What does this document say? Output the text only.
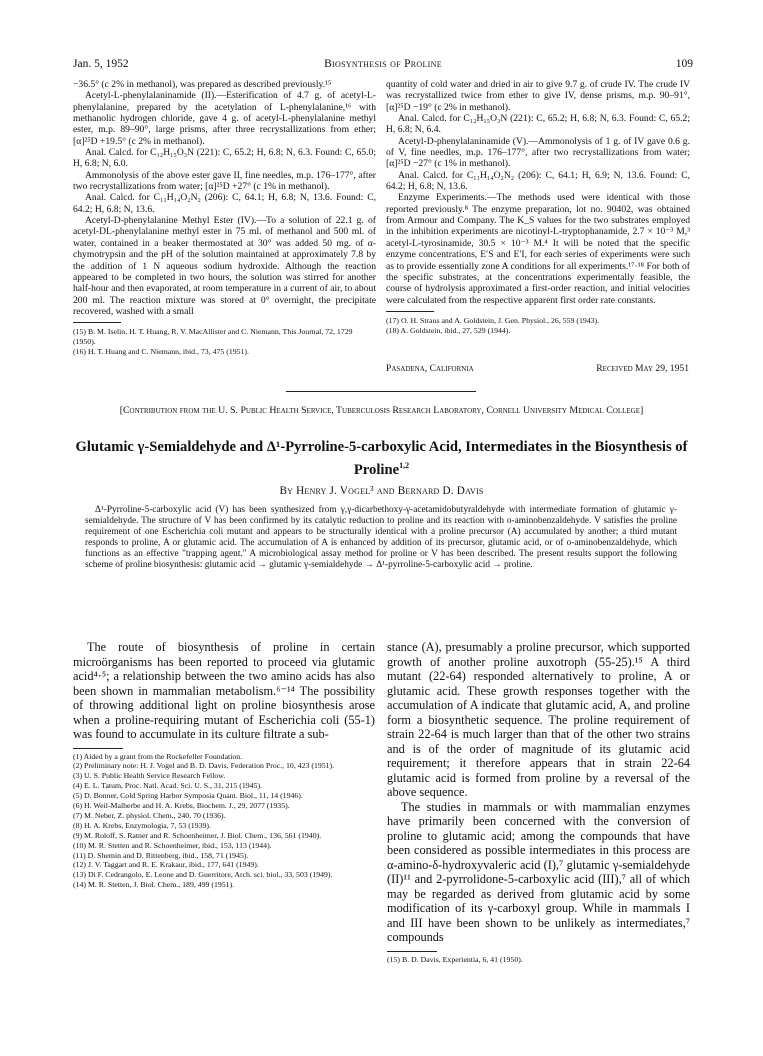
Jan. 5, 1952	Biosynthesis of Proline	109

−36.5° (c 2% in methanol), was prepared as described previously.¹⁵

Acetyl-L-phenylalaninamide (II).—Esterification of 4.7 g. of acetyl-L-phenylalanine, prepared by the acetylation of L-phenylalanine,¹⁶ with methanolic hydrogen chloride, gave 4 g. of acetyl-L-phenylalanine methyl ester, m.p. 89–90°, large prisms, after three recrystallizations from ether; [α]²⁵D +19.5° (c 2% in methanol).

Anal. Calcd. for C₁₂H₁₅O₃N (221): C, 65.2; H, 6.8; N, 6.3. Found: C, 65.0; H, 6.8; N, 6.0.

Ammonolysis of the above ester gave II, fine needles, m.p. 176–177°, after two recrystallizations from water; [α]²⁵D +27° (c 1% in methanol).

Anal. Calcd. for C₁₁H₁₄O₂N₂ (206): C, 64.1; H, 6.8; N, 13.6. Found: C, 64.2; H, 6.8; N, 13.6.

Acetyl-D-phenylalanine Methyl Ester (IV).—To a solution of 22.1 g. of acetyl-DL-phenylalanine methyl ester in 75 ml. of methanol and 500 ml. of water, contained in a beaker thermostated at 30° was added 50 mg. of α-chymotrypsin and the pH of the solution maintained at approximately 7.8 by the addition of 1 N aqueous sodium hydroxide. Although the reaction appeared to be completed in two hours, the solution was stirred for another half-hour and then evaporated, at room temperature in a current of air, to about 200 ml. The reaction mixture was stored at 0° overnight, the precipitate recovered, washed with a small

(15) B. M. Iselin, H. T. Huang, R. V. MacAllister and C. Niemann, This Journal, 72, 1729 (1950).

(16) H. T. Huang and C. Niemann, ibid., 73, 475 (1951).

quantity of cold water and dried in air to give 9.7 g. of crude IV. The crude IV was recrystallized twice from ether to give IV, dense prisms, m.p. 90–91°, [α]²⁵D −19° (c 2% in methanol).

Anal. Calcd. for C₁₂H₁₅O₃N (221): C, 65.2; H, 6.8; N, 6.3. Found: C, 65.2; H, 6.8; N, 6.4.

Acetyl-D-phenylalaninamide (V).—Ammonolysis of 1 g. of IV gave 0.6 g. of V, fine needles, m.p. 176–177°, after two recrystallizations from water; [α]²⁵D −27° (c 1% in methanol).

Anal. Calcd. for C₁₁H₁₄O₂N₂ (206): C, 64.1; H, 6.9; N, 13.6. Found: C, 64.2; H, 6.8; N, 13.6.

Enzyme Experiments.—The methods used were identical with those reported previously.⁸ The enzyme preparation, lot no. 90402, was obtained from Armour and Company. The K_S values for the two substrates employed in the inhibition experiments are nicotinyl-L-tryptophanamide, 2.7 × 10⁻³ M,³ acetyl-L-tyrosinamide, 30.5 × 10⁻³ M.⁴ It will be noted that the specific enzyme concentrations, E′S and E′I, for each series of experiments were such as to provide essentially zone A conditions for all experiments.¹⁷·¹⁸ For both of the specific substrates, at the concentrations experimentally feasible, the course of hydrolysis approximated a first-order reaction, and initial velocities were calculated from the respective apparent first order rate constants.

(17) O. H. Straus and A. Goldstein, J. Gen. Physiol., 26, 559 (1943).

(18) A. Goldstein, ibid., 27, 529 (1944).

Pasadena, California	Received May 29, 1951
[Contribution from the U. S. Public Health Service, Tuberculosis Research Laboratory, Cornell University Medical College]
Glutamic γ-Semialdehyde and Δ¹-Pyrroline-5-carboxylic Acid, Intermediates in the Biosynthesis of Proline$^{1,2}$
By Henry J. Vogel³ and Bernard D. Davis
Δ¹-Pyrroline-5-carboxylic acid (V) has been synthesized from γ,γ-dicarbethoxy-γ-acetamidobutyraldehyde with intermediate formation of glutamic γ-semialdehyde. The structure of V has been confirmed by its catalytic reduction to proline and its reaction with o-aminobenzaldehyde. V satisfies the proline requirement of one Escherichia coli mutant and appears to be structurally identical with a proline precursor (A) accumulated by another; a third mutant responds to proline, A or glutamic acid. The accumulation of A is enhanced by addition of its precursor, glutamic acid, or of o-aminobenzaldehyde, which functions as an effective "trapping agent." A microbiological assay method for proline or V has been described. The present results support the following scheme of proline biosynthesis: glutamic acid → glutamic γ-semialdehyde → Δ¹-pyrroline-5-carboxylic acid → proline.

The route of biosynthesis of proline in certain microörganisms has been reported to proceed via glutamic acid⁴·⁵; a relationship between the two amino acids has also been shown in mammalian metabolism.⁶⁻¹⁴ The possibility of throwing additional light on proline biosynthesis arose when a proline-requiring mutant of Escherichia coli (55-1) was found to accumulate in its culture filtrate a sub-

(1) Aided by a grant from the Rockefeller Foundation.

(2) Preliminary note: H. J. Vogel and B. D. Davis, Federation Proc., 10, 423 (1951).

(3) U. S. Public Health Service Research Fellow.

(4) E. L. Tatum, Proc. Natl. Acad. Sci. U. S., 31, 215 (1945).

(5) D. Bonner, Cold Spring Harbor Symposia Quant. Biol., 11, 14 (1946).

(6) H. Weil-Malherbe and H. A. Krebs, Biochem. J., 29, 2077 (1935).

(7) M. Neber, Z. physiol. Chem., 240, 70 (1936).

(8) H. A. Krebs, Enzymologia, 7, 53 (1939).

(9) M. Roloff, S. Ratner and R. Schoenheimer, J. Biol. Chem., 136, 561 (1940).

(10) M. R. Stetten and R. Schoenheimer, ibid., 153, 113 (1944).

(11) D. Shemin and D. Rittenberg, ibid., 158, 71 (1945).

(12) J. V. Taggart and R. E. Krakaur, ibid., 177, 641 (1949).

(13) Di F. Cedrangolo, E. Leone and D. Guerritore, Arch. sci. biol., 33, 503 (1949).

(14) M. R. Stetten, J. Biol. Chem., 189, 499 (1951).

stance (A), presumably a proline precursor, which supported growth of another proline auxotroph (55-25).¹⁵ A third mutant (22-64) responded alternatively to proline, A or glutamic acid. These growth responses together with the accumulation of A indicate that glutamic acid, A, and proline form a biosynthetic sequence. The proline requirement of strain 22-64 is much larger than that of the other two strains and is of the order of magnitude of its glutamic acid requirement; it therefore appears that in strain 22-64 glutamic acid is formed from proline by a reversal of the above sequence.

The studies in mammals or with mammalian enzymes have primarily been concerned with the conversion of proline to glutamic acid; among the compounds that have been considered as possible intermediates in this process are α-amino-δ-hydroxyvaleric acid (I),⁷ glutamic γ-semialdehyde (II)¹¹ and 2-pyrrolidone-5-carboxylic acid (III),⁷ all of which may be regarded as derived from glutamic acid by some modification of its γ-carboxyl group. While in mammals I and III have been shown to be unlikely as intermediates,⁷ compounds

(15) B. D. Davis, Experientia, 6, 41 (1950).
